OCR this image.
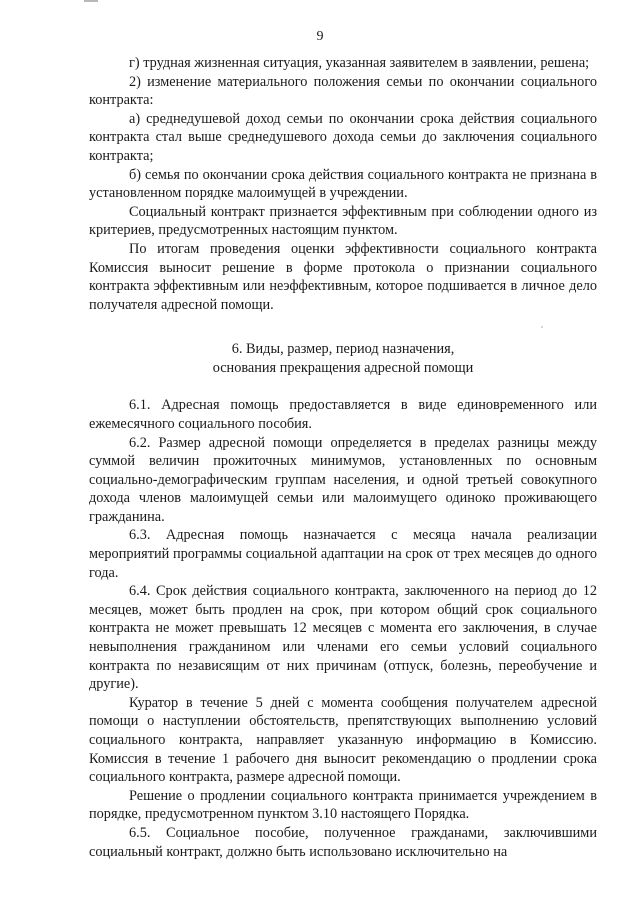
9

г) трудная жизненная ситуация, указанная заявителем в заявлении, решена;

2) изменение материального положения семьи по окончании социального контракта:

а) среднедушевой доход семьи по окончании срока действия социального контракта стал выше среднедушевого дохода семьи до заключения социального контракта;

б) семья по окончании срока действия социального контракта не признана в установленном порядке малоимущей в учреждении.

Социальный контракт признается эффективным при соблюдении одного из критериев, предусмотренных настоящим пунктом.

По итогам проведения оценки эффективности социального контракта Комиссия выносит решение в форме протокола о признании социального контракта эффективным или неэффективным, которое подшивается в личное дело получателя адресной помощи.

6. Виды, размер, период назначения,
основания прекращения адресной помощи

6.1. Адресная помощь предоставляется в виде единовременного или ежемесячного социального пособия.

6.2. Размер адресной помощи определяется в пределах разницы между суммой величин прожиточных минимумов, установленных по основным социально-демографическим группам населения, и одной третьей совокупного дохода членов малоимущей семьи или малоимущего одиноко проживающего гражданина.

6.3. Адресная помощь назначается с месяца начала реализации мероприятий программы социальной адаптации на срок от трех месяцев до одного года.

6.4. Срок действия социального контракта, заключенного на период до 12 месяцев, может быть продлен на срок, при котором общий срок социального контракта не может превышать 12 месяцев с момента его заключения, в случае невыполнения гражданином или членами его семьи условий социального контракта по независящим от них причинам (отпуск, болезнь, переобучение и другие).

Куратор в течение 5 дней с момента сообщения получателем адресной помощи о наступлении обстоятельств, препятствующих выполнению условий социального контракта, направляет указанную информацию в Комиссию. Комиссия в течение 1 рабочего дня выносит рекомендацию о продлении срока социального контракта, размере адресной помощи.

Решение о продлении социального контракта принимается учреждением в порядке, предусмотренном пунктом 3.10 настоящего Порядка.

6.5. Социальное пособие, полученное гражданами, заключившими социальный контракт, должно быть использовано исключительно на
